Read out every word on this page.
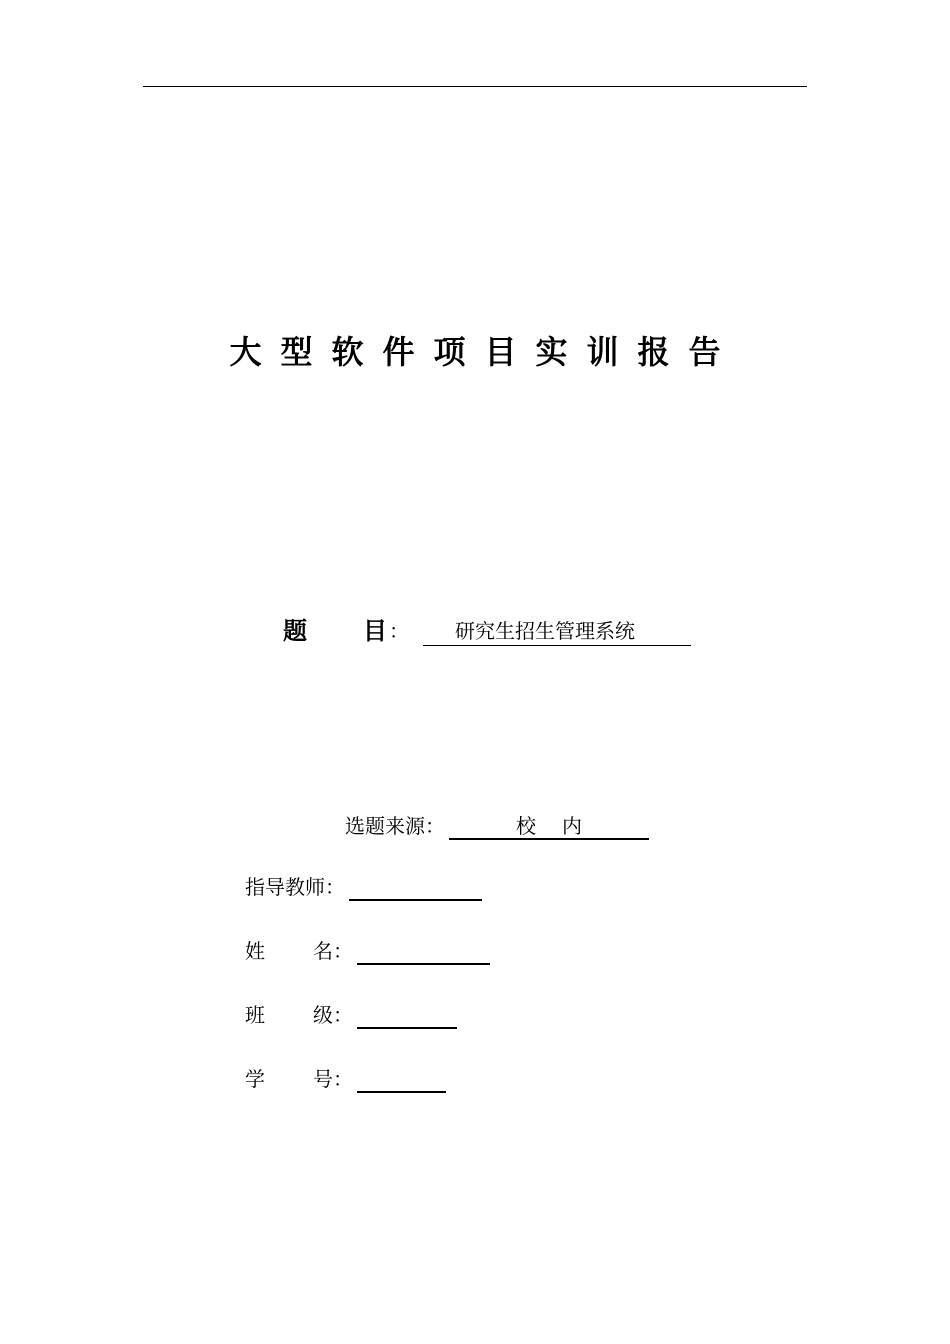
大型软件项目实训报告
题 目 ：	研究生招生管理系统
选题来源：	校 内
指导教师：
姓 名：
班 级：
学 号：
